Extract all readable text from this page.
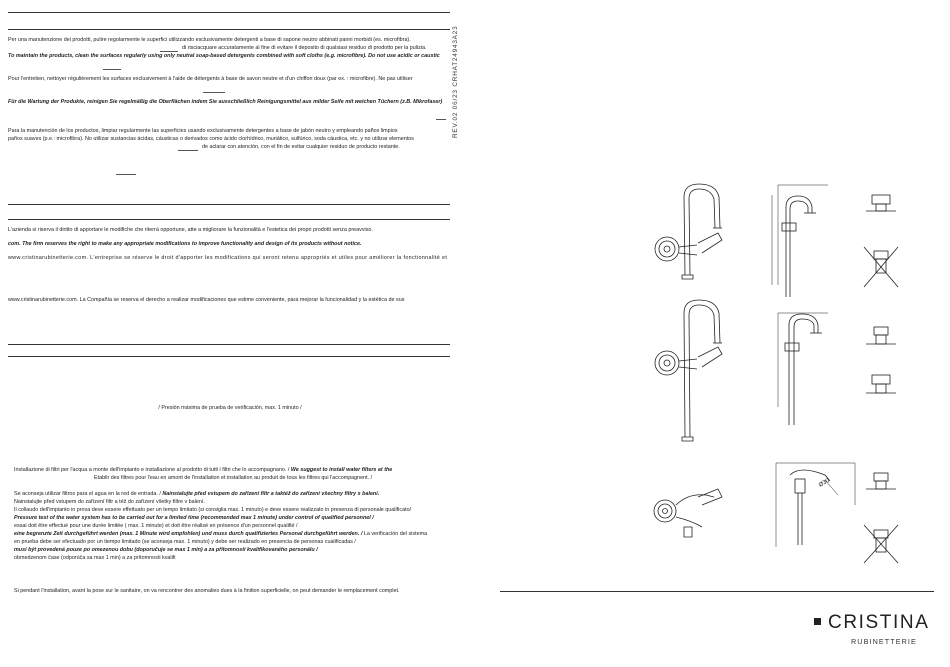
Per una manutenzione dei prodotti, pulire regolarmente le superfici utilizzando esclusivamente detergenti a base di sapone neutro abbinati panni morbidi (es. microfibra).
di risciacquare accuratamente al fine di evitare il deposito di qualsiasi residuo di prodotto per la pulizia.
To maintain the products, clean the surfaces regularly using only neutral soap-based detergents combined with soft cloths (e.g. microfibre). Do not use acidic or caustic
Pour l'entretien, nettoyer régulièrement les surfaces exclusivement à l'aide de détergents à base de savon neutre et d'un chiffon doux (par ex. : microfibre). Ne pas utiliser
Für die Wartung der Produkte, reinigen Sie regelmäßig die Oberflächen indem Sie ausschließlich Reinigungsmittel aus milder Seife mit weichen Tüchern (z.B. Mikrofaser)
Para la manutención de los productos, limpiar regularmente las superficies usando exclusivamente detergentes a base de jabón neutro y empleando paños limpios
paños suaves (p.e.: microfibra). No utilizar sustancias ácidas, cáusticas o derivados como ácido clorhídrico, muriático, sulfúrico, soda cáustica, etc. y no utilizar elementos
de aclarar con atención, con el fin de evitar cualquier residuo de producto restante.
L'azienda si riserva il diritto di apportare le modifiche che riterrà opportune, atte a migliorare la funzionalità e l'estetica dei propri prodotti senza preavviso.
com. The firm reserves the right to make any appropriate modifications to improve functionality and design of its products without notice.
www.cristinarubinetterie.com. L'entreprise se réserve le droit d'apporter les modifications qui seront retenu appropriés et utiles pour améliorer la fonctionnalité et
www.cristinarubinetterie.com. La Compañía se reserva el derecho a realizar modificaciones que estime conveniente, para mejorar la funcionalidad y la estética de sus
/ Presión máxima de prueba de verificación, max. 1 minuto /
Installazione di filtri per l'acqua a monte dell'impianto e installazione al prodotto di tutti i filtri che lo accompagnano. / We suggest to install water filters at the
Etablir des filtres pour l'eau en amont de l'installation et installation au produit de tous les filtres qui l'accompagnent. /
Se aconseja utilizar filtros para el agua en la red de entrada. / Nainstalujte před vstupem do zařízení filtr a taktéž do zařízení všechny filtry s balení.
Nainstalujte před vstupem do zařízení filtr a též do zařízení všetky filtre v balení.
Il collaudo dell'impianto in prova deve essere effettuato per un tempo limitato (si consiglia max. 1 minuto) e deve essere realizzato in presenza di personale qualificato/
Pressure test of the water system has to be carried out for a limited time (recommended max 1 minute) under control of qualified personnel /
essai doit être effectué pour une durée limitée ( max. 1 minute) et doit être réalisé en présence d'un personnel qualifié /
eine begrenzte Zeit durchgeführt werden (max. 1 Minute wird empfohlen) und muss durch qualifiziertes Personal durchgeführt werden. / La verificación del sistema
en prueba debe ser efectuado por un tiempo limitado (se aconseja max. 1 minuto) y debe ser realizado en presencia de personas cualificadas /
musí být provedená pouze po omezenou dobu (doporučuje se max 1 min) a za přítomnosti kvalifikovaného personálu /
obmedzenom čase (odporúča sa max 1 min) a za prítomnosti kvalifi
Si pendant l'installation, avant la pose sur le sanitaire, on va rencontrer des anomalies dues à la finition superficielle, on peut demander le remplacement complet.
REV.02 06/23 CRHAT24943A23
Ø30
CRISTINA
RUBINETTERIE
